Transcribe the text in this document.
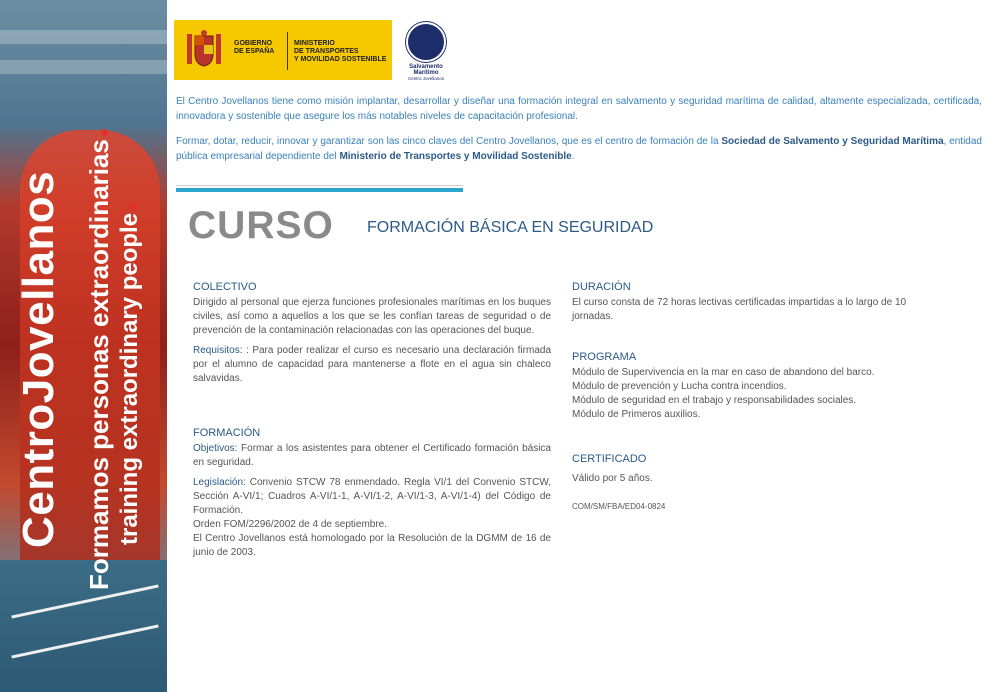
CentroJovellanos Formamos personas extraordinarias training extraordinary people
GOBIERNO
DE ESPAÑA
MINISTERIO
DE TRANSPORTES
Y MOVILIDAD SOSTENIBLE
Salvamento Marítimo
Centro Jovellanos

El Centro Jovellanos tiene como misión implantar, desarrollar y diseñar una formación integral en salvamento y seguridad marítima de calidad, altamente especializada, certificada, innovadora y sostenible que asegure los más notables niveles de capacitación profesional.

Formar, dotar, reducir, innovar y garantizar son las cinco claves del Centro Jovellanos, que es el centro de formación de la Sociedad de Salvamento y Seguridad Marítima, entidad pública empresarial dependiente del Ministerio de Transportes y Movilidad Sostenible.

CURSO FORMACIÓN BÁSICA EN SEGURIDAD
COLECTIVO

Dirigido al personal que ejerza funciones profesionales marítimas en los buques civiles, así como a aquellos a los que se les confían tareas de seguridad o de prevención de la contaminación relacionadas con las operaciones del buque.

Requisitos: : Para poder realizar el curso es necesario una declaración firmada por el alumno de capacidad para mantenerse a flote en el agua sin chaleco salvavidas.

FORMACIÓN

Objetivos: Formar a los asistentes para obtener el Certificado formación básica en seguridad.

Legislación: Convenio STCW 78 enmendado. Regla VI/1 del Convenio STCW, Sección A-VI/1; Cuadros A-VI/1-1, A-VI/1-2, A-VI/1-3, A-VI/1-4) del Código de Formación.

Orden FOM/2296/2002 de 4 de septiembre.

El Centro Jovellanos está homologado por la Resolución de la DGMM de 16 de junio de 2003.

DURACIÓN

El curso consta de 72 horas lectivas certificadas impartidas a lo largo de 10 jornadas.

PROGRAMA
Módulo de Supervivencia en la mar en caso de abandono del barco.
Módulo de prevención y Lucha contra incendios.
Módulo de seguridad en el trabajo y responsabilidades sociales.
Módulo de Primeros auxilios.
CERTIFICADO

Válido por 5 años.

COM/SM/FBA/ED04-0824
